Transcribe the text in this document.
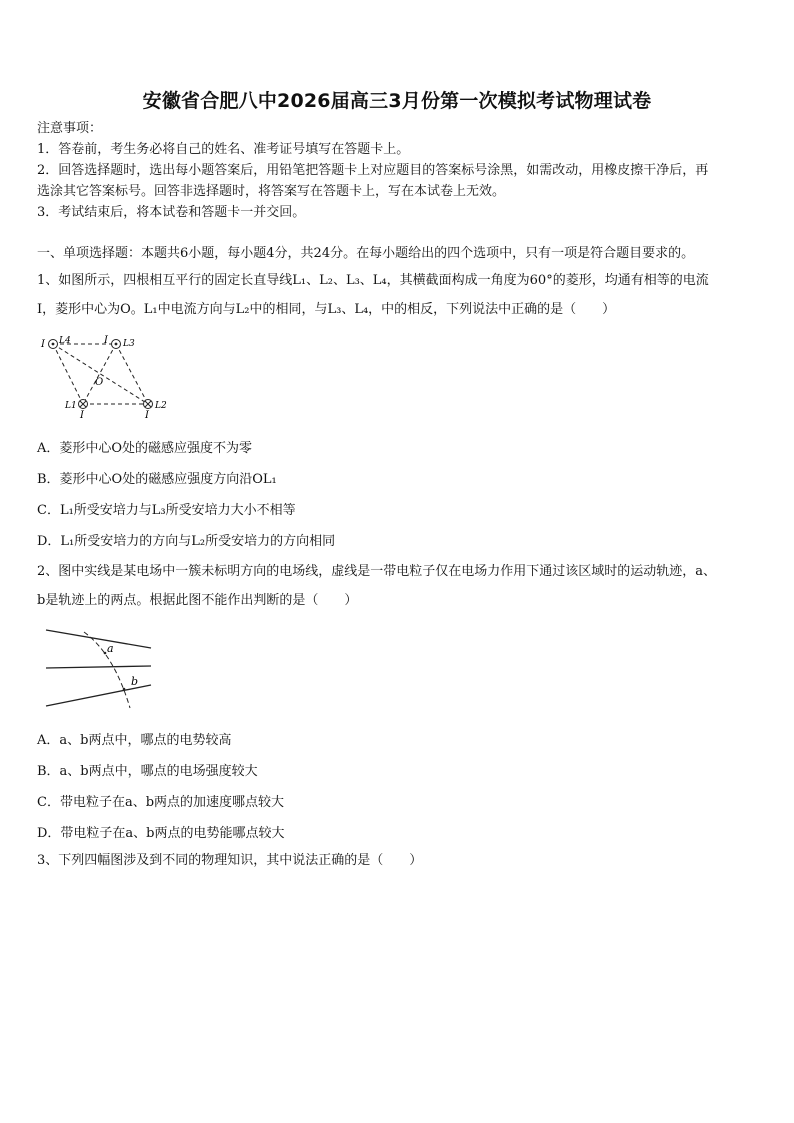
安徽省合肥八中2026届高三3月份第一次模拟考试物理试卷
注意事项：
1．答卷前，考生务必将自己的姓名、准考证号填写在答题卡上。
2．回答选择题时，选出每小题答案后，用铅笔把答题卡上对应题目的答案标号涂黑，如需改动，用橡皮擦干净后，再
选涂其它答案标号。回答非选择题时，将答案写在答题卡上，写在本试卷上无效。
3．考试结束后，将本试卷和答题卡一并交回。
一、单项选择题：本题共6小题，每小题4分，共24分。在每小题给出的四个选项中，只有一项是符合题目要求的。
1、如图所示，四根相互平行的固定长直导线L₁、L₂、L₃、L₄，其横截面构成一角度为60°的菱形，均通有相等的电流
I，菱形中心为O。L₁中电流方向与L₂中的相同，与L₃、L₄，中的相反，下列说法中正确的是（　　）
I L4	I L3
O
L1	L2
I	I
A．菱形中心O处的磁感应强度不为零
B．菱形中心O处的磁感应强度方向沿OL₁
C．L₁所受安培力与L₃所受安培力大小不相等
D．L₁所受安培力的方向与L₂所受安培力的方向相同
2、图中实线是某电场中一簇未标明方向的电场线，虚线是一带电粒子仅在电场力作用下通过该区域时的运动轨迹，a、
b是轨迹上的两点。根据此图不能作出判断的是（　　）
a
b
A．a、b两点中，哪点的电势较高
B．a、b两点中，哪点的电场强度较大
C．带电粒子在a、b两点的加速度哪点较大
D．带电粒子在a、b两点的电势能哪点较大
3、下列四幅图涉及到不同的物理知识，其中说法正确的是（　　）
